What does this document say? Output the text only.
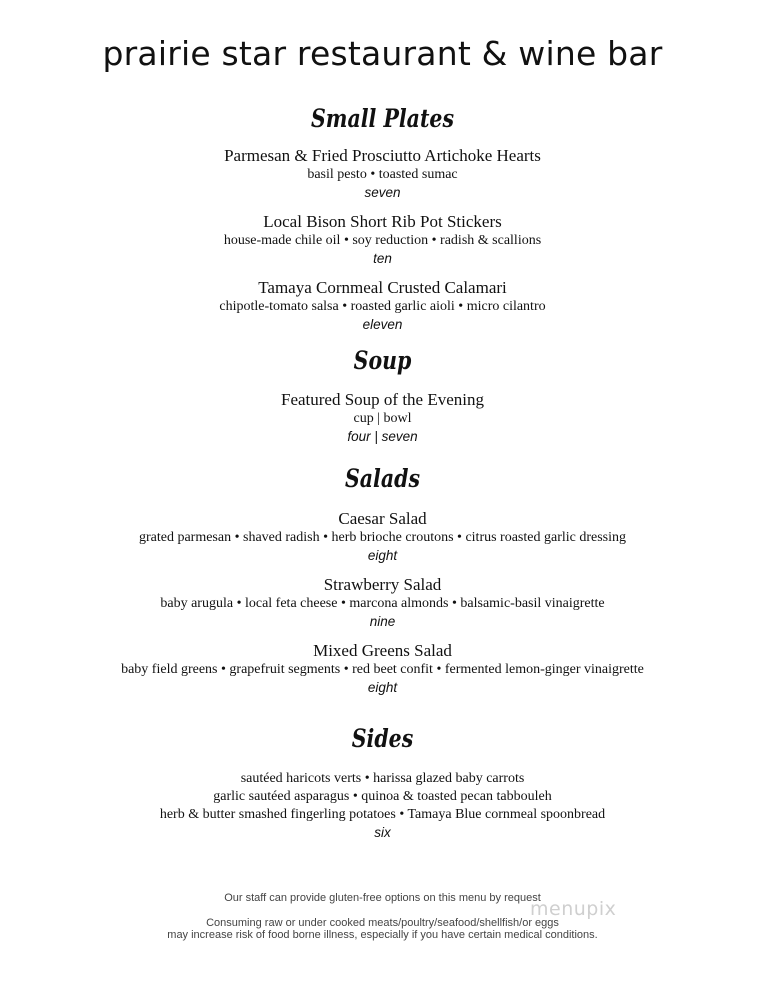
prairie star restaurant & wine bar
Small Plates
Parmesan & Fried Prosciutto Artichoke Hearts
basil pesto • toasted sumac
seven
Local Bison Short Rib Pot Stickers
house-made chile oil • soy reduction • radish & scallions
ten
Tamaya Cornmeal Crusted Calamari
chipotle-tomato salsa • roasted garlic aioli • micro cilantro
eleven
Soup
Featured Soup of the Evening
cup | bowl
four | seven
Salads
Caesar Salad
grated parmesan • shaved radish • herb brioche croutons • citrus roasted garlic dressing
eight
Strawberry Salad
baby arugula • local feta cheese • marcona almonds • balsamic-basil vinaigrette
nine
Mixed Greens Salad
baby field greens • grapefruit segments • red beet confit • fermented lemon-ginger vinaigrette
eight
Sides
sautéed haricots verts • harissa glazed baby carrots
garlic sautéed asparagus • quinoa & toasted pecan tabbouleh
herb & butter smashed fingerling potatoes • Tamaya Blue cornmeal spoonbread
six
Our staff can provide gluten-free options on this menu by request
Consuming raw or under cooked meats/poultry/seafood/shellfish/or eggs
may increase risk of food borne illness, especially if you have certain medical conditions.
menupix
